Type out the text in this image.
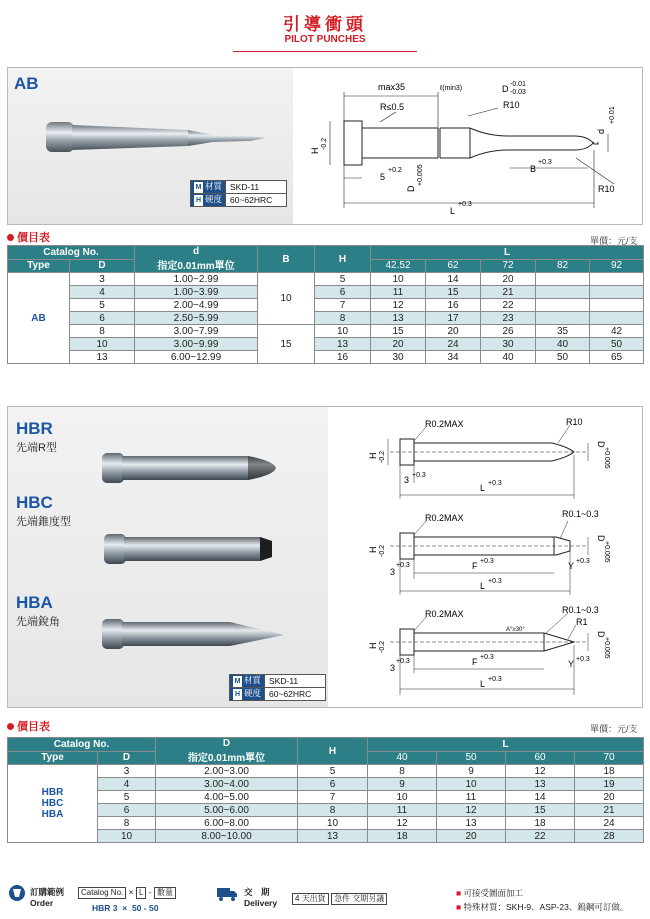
引導衝頭
PILOT PUNCHES
AB
M 材質	SKD-11
H 硬度	60~62HRC
max35	ℓ(min3)	D -0.01
-0.03
R≤0.5	R10
R10
H
-0.2
5
+0.2
D
+0.005	B
+0.3
L
+0.3
d
+0.01
價目表	單價：元/支
Catalog No.		d
指定0.01mm單位	B	H	L				
Type	D				42.52	62	72	82	92
AB	3	1.00~2.99	10	5	10	14	20		
	4	1.00~3.99		6	11	15	21		
	5	2.00~4.99		7	12	16	22		
	6	2.50~5.99		8	13	17	23		
	8	3.00~7.99	15	10	15	20	26	35	42
	10	3.00~9.99		13	20	24	30	40	50
	13	6.00~12.99		16	30	34	40	50	65
HBR
先端R型
HBC
先端錐度型
HBA
先端銳角
M 材質	SKD-11
H 硬度	60~62HRC
R0.2MAX	R10
H -0.2
3 +0.3
L +0.3
D
+0.005
R0.2MAX	R0.1~0.3
H -0.2
3
+0.3	F +0.3	Y +0.3
L +0.3
D
+0.005
R0.2MAX	R0.1~0.3
R1
A°≥30°
H -0.2
3
+0.3	F +0.3
Y +0.3
L +0.3
D
+0.005
價目表	單價：元/支
Catalog No.		D
指定0.01mm單位	H	L			
Type	D			40	50	60	70
HBR
HBC
HBA	3	2.00~3.00	5	8	9	12	18
	4	3.00~4.00	6	9	10	13	19
	5	4.00~5.00	7	10	11	14	20
	6	5.00~6.00	8	11	12	15	21
	8	6.00~8.00	10	12	13	18	24
	10	8.00~10.00	13	18	20	22	28
訂購範例
Order
Catalog No. × L - 數量
HBR 3 × 50 - 50
交　期
Delivery	4 天出貨 急件 交期另議
■ 可接受圖面加工
■ 特殊材質：SKH-9、ASP-23、鎢鋼可訂做。
